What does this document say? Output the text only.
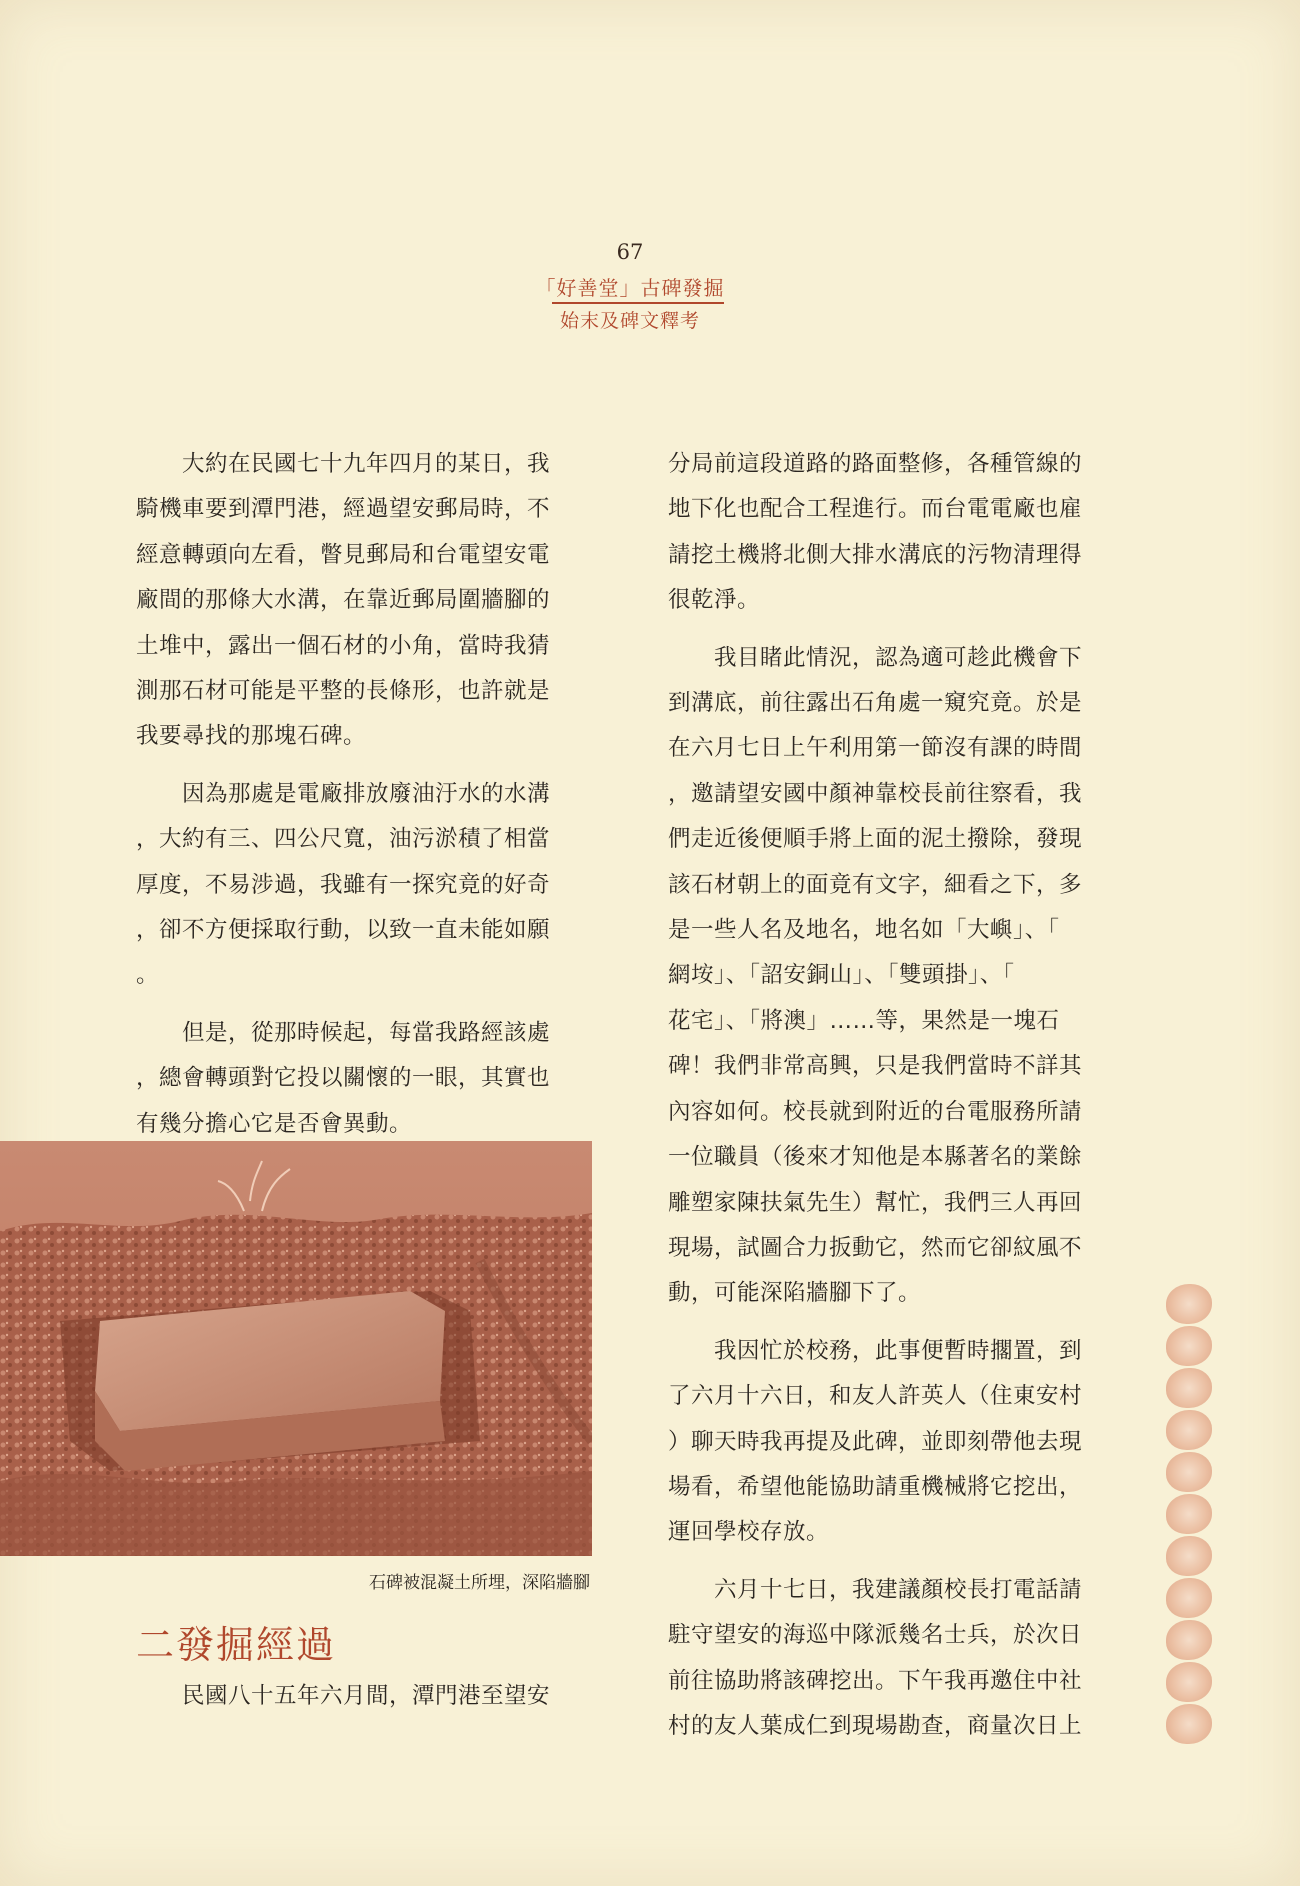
67
「好善堂」古碑發掘
始末及碑文釋考

　　大約在民國七十九年四月的某日，我
騎機車要到潭門港，經過望安郵局時，不
經意轉頭向左看，瞥見郵局和台電望安電
廠間的那條大水溝，在靠近郵局圍牆腳的
土堆中，露出一個石材的小角，當時我猜
測那石材可能是平整的長條形，也許就是
我要尋找的那塊石碑。

　　因為那處是電廠排放廢油汙水的水溝
，大約有三、四公尺寬，油污淤積了相當
厚度，不易涉過，我雖有一探究竟的好奇
，卻不方便採取行動，以致一直未能如願
。

　　但是，從那時候起，每當我路經該處
，總會轉頭對它投以關懷的一眼，其實也
有幾分擔心它是否會異動。

石碑被混凝土所埋，深陷牆腳
二發掘經過

　　民國八十五年六月間，潭門港至望安

分局前這段道路的路面整修，各種管線的
地下化也配合工程進行。而台電電廠也雇
請挖土機將北側大排水溝底的污物清理得
很乾淨。

　　我目睹此情況，認為適可趁此機會下
到溝底，前往露出石角處一窺究竟。於是
在六月七日上午利用第一節沒有課的時間
，邀請望安國中顏神靠校長前往察看，我
們走近後便順手將上面的泥土撥除，發現
該石材朝上的面竟有文字，細看之下，多
是一些人名及地名，地名如「大嶼」、「
網垵」、「詔安銅山」、「雙頭掛」、「
花宅」、「將澳」……等，果然是一塊石
碑！我們非常高興，只是我們當時不詳其
內容如何。校長就到附近的台電服務所請
一位職員（後來才知他是本縣著名的業餘
雕塑家陳扶氣先生）幫忙，我們三人再回
現場，試圖合力扳動它，然而它卻紋風不
動，可能深陷牆腳下了。

　　我因忙於校務，此事便暫時擱置，到
了六月十六日，和友人許英人（住東安村
）聊天時我再提及此碑，並即刻帶他去現
場看，希望他能協助請重機械將它挖出，
運回學校存放。

　　六月十七日，我建議顏校長打電話請
駐守望安的海巡中隊派幾名士兵，於次日
前往協助將該碑挖出。下午我再邀住中社
村的友人葉成仁到現場勘查，商量次日上
